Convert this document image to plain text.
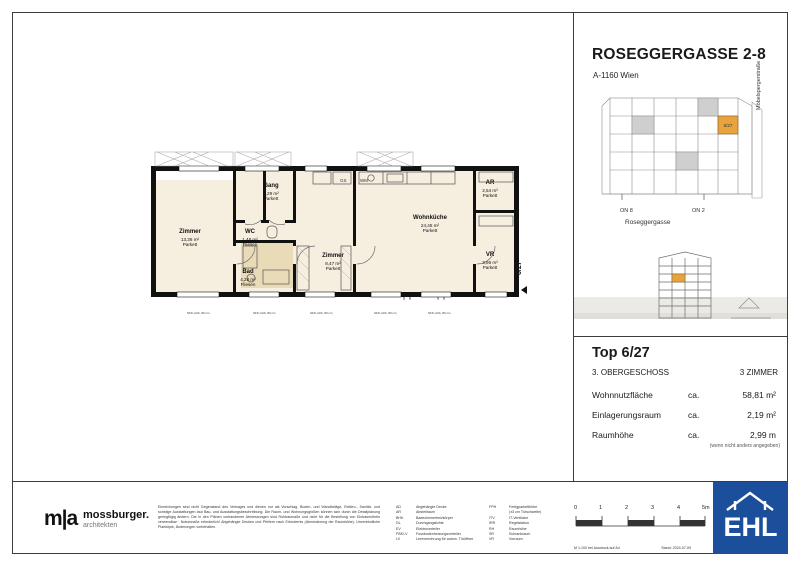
ROSEGGERGASSE 2-8
A-1160 Wien
6/27
Möbelspergerstraße
Roseggergasse
ON 8	ON 2
Top 6/27
3. OBERGESCHOSS	3 ZIMMER
Wohnnutzfläche	ca.	58,81 m²
Einlagerungsraum	ca.	2,19 m²
Raumhöhe	ca.	2,99 m
(wenn nicht anders angegeben)
Zimmer
13,36 m²
Parkett
Gang
4,29 m²
Parkett
WC
1,48 m²
Fliesen
Bad
4,28 m²
Fliesen
Zimmer
8,47 m²
Parkett
Wohnküche
24,45 m²
Parkett
AR
2,54 m²
Parkett
VR
3,96 m²
Parkett
GS	WM
6/27
SFK rohb. 83 cm	SFK rohb. 83 cm	SFK rohb. 83 cm	SFK rohb. 83 cm	SFK rohb. 83 cm
98 98	98 98
m|a mossburger.
architekten
Einreichungen sind nicht Gegenstand des Vertrages und dienen nur als Vorschlag. Boden- und Wandbeläge, Elektro-, Sanitär- und sonstige Ausstattungen laut Bau- und Ausstattungsbeschreibung. Die Raum- und Wohnungsgrößen können sich durch die Detailplanung geringfügig ändern. Die in den Plänen vorhandenen Abmessungen sind Rohbaumaße und nicht für die Bestellung von Einbaumöbeln verwendbar · Notumnaße erforderlich! Abgehängte Decken und Pfeilern nach Erfordernis (Abminderung der Raumhöhe). Unverbindliche Planköpie, Änderungen vorbehalten.
AD	Abgehängte Decke
AR	Abstellraum
BHK	Badezimmerheizkörper
DL	Durchgangslichte
EV	Elektroverteiler
FBK/-V	Fussbodenheizungsverteiler
LV	Leerverrohrung für autom. Türöffner
FPH	Fertigparketthöhe
	(±3 cm Türschwelle)
ITV	IT-Ventilator
IRR	Regelstation
RH	Raumhöhe
SR	Schrankraum
VR	Vorraum
0	1	2	3	4	5m
M 1:100 bei Ausdruck auf A4	Stand: 2024-07-09
EHL
